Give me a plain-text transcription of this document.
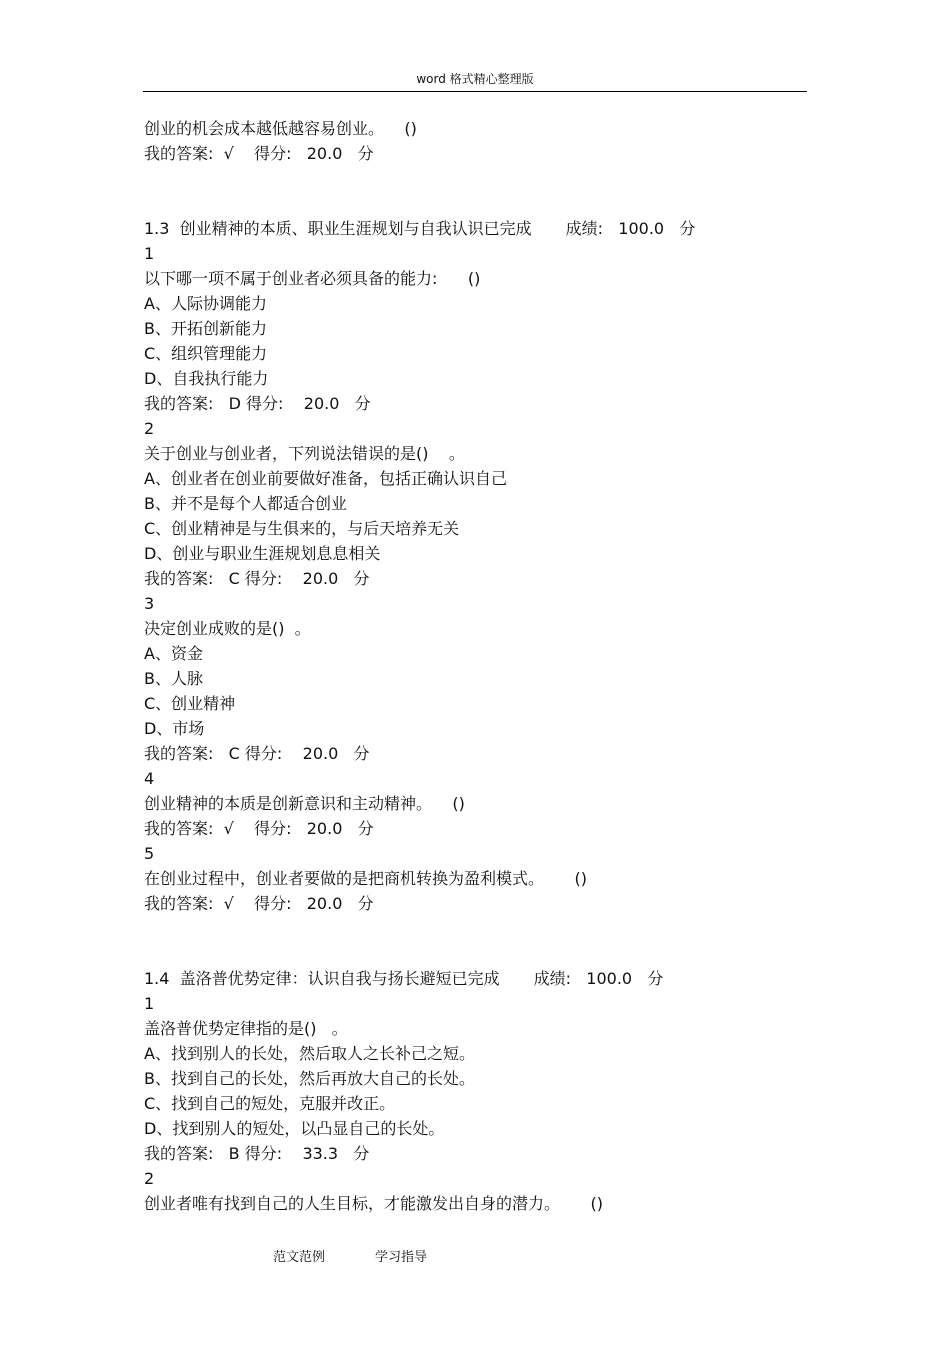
word 格式精心整理版
创业的机会成本越低越容易创业。    ()
我的答案:  √    得分:   20.0   分
1.3  创业精神的本质、职业生涯规划与自我认识已完成 成绩:   100.0   分
1
以下哪一项不属于创业者必须具备的能力:      ()
A、人际协调能力
B、开拓创新能力
C、组织管理能力
D、自我执行能力
我的答案:   D 得分:    20.0   分
2
关于创业与创业者，下列说法错误的是()    。
A、创业者在创业前要做好准备，包括正确认识自己
B、并不是每个人都适合创业
C、创业精神是与生俱来的，与后天培养无关
D、创业与职业生涯规划息息相关
我的答案:   C 得分:    20.0   分
3
决定创业成败的是()  。
A、资金
B、人脉
C、创业精神
D、市场
我的答案:   C 得分:    20.0   分
4
创业精神的本质是创新意识和主动精神。    ()
我的答案:  √    得分:   20.0   分
5
在创业过程中，创业者要做的是把商机转换为盈利模式。      ()
我的答案:  √    得分:   20.0   分
1.4  盖洛普优势定律：认识自我与扬长避短已完成 成绩:   100.0   分
1
盖洛普优势定律指的是()   。
A、找到别人的长处，然后取人之长补己之短。
B、找到自己的长处，然后再放大自己的长处。
C、找到自己的短处，克服并改正。
D、找到别人的短处，以凸显自己的长处。
我的答案:   B 得分:    33.3   分
2
创业者唯有找到自己的人生目标，才能激发出自身的潜力。      ()
范文范例	学习指导
